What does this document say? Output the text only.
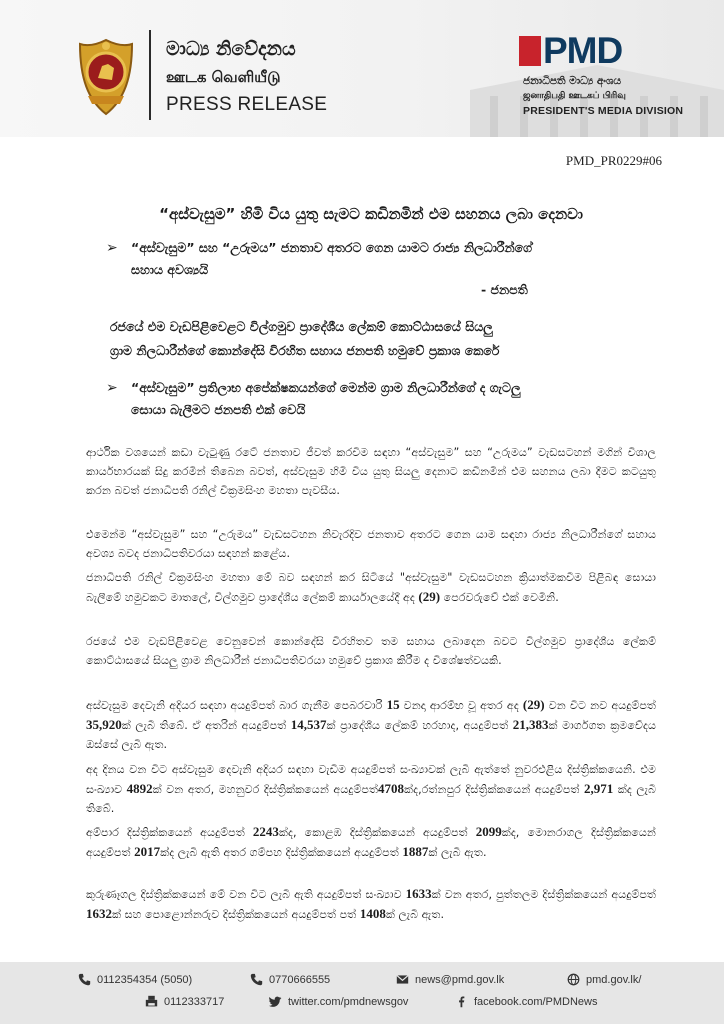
මාධ්‍ය නිවේදනය
ஊடக வெளியீடு
PRESS RELEASE
PMD
ජනාධිපති මාධ්‍ය අංශය
ஜனாதிபதி ஊடகப் பிரிவு
PRESIDENT'S MEDIA DIVISION
PMD_PR0229#06
“අස්වැසුම” හිමි විය යුතු සැමට කඩිනමින් එම සහනය ලබා දෙනවා
➢ “අස්වැසුම” සහ “උරුමය” ජනතාව අතරට ගෙන යාමට රාජ්‍ය නිලධාරීන්ගේ
සහාය අවශ්‍යයි
- ජනපති
රජයේ එම වැඩපිළිවෙළට විල්ගමුව ප්‍රාදේශීය ලේකම් කොට්ඨාසයේ සියලු
ග්‍රාම නිලධාරීන්ගේ කොන්දේසි විරහිත සහාය ජනපති හමුවේ ප්‍රකාශ කෙරේ
➢ “අස්වැසුම” ප්‍රතිලාභ අපේක්ෂකයන්ගේ මෙන්ම ග්‍රාම නිලධාරීන්ගේ ද ගැටලු
සොයා බැලීමට ජනපති එක් වෙයි
ආර්ථික වශයෙන් කඩා වැටුණු රටේ ජනතාව ජීවත් කරවීම සඳහා “අස්වැසුම” සහ “උරුමය” වැඩසටහන් මගින් විශාල කාර්යභාරයක් සිදු කරමින් තිබෙන බවත්, අස්වැසුම හිමි විය යුතු සියලු දෙනාට කඩිනමින් එම සහනය ලබා දීමට කටයුතු කරන බවත් ජනාධිපති රනිල් වික්‍රමසිංහ මහතා පැවසීය.
එමෙන්ම “අස්වැසුම” සහ “උරුමය” වැඩසටහන නිවැරදිව ජනතාව අතරට ගෙන යාම සඳහා රාජ්‍ය නිලධාරීන්ගේ සහාය අවශ්‍ය බවද ජනාධිපතිවරයා සඳහන් කළේය.
ජනාධිපති රනිල් වික්‍රමසිංහ මහතා මේ බව සඳහන් කර සිටියේ "අස්වැසුම" වැඩසටහන ක්‍රියාත්මකවීම පිළිබඳ සොයා බැලීමේ හමුවකට මාතලේ, විල්ගමුව ප්‍රාදේශීය ලේකම් කාර්යාලයේදී අද (29) පෙරවරුවේ එක් වෙමිනි.
රජයේ එම වැඩපිළිවෙළ වෙනුවෙන් කොන්දේසි විරහිතව තම සහාය ලබාදෙන බවට විල්ගමුව ප්‍රාදේශීය ලේකම් කොට්ඨාසයේ සියලු ග්‍රාම නිලධාරීන් ජනාධිපතිවරයා හමුවේ ප්‍රකාශ කිරීම ද විශේෂත්වයකි.
අස්වැසුම දෙවැනි අදියර සඳහා අයදුම්පත් බාර ගැනීම පෙබරවාරි 15 වනදා ආරම්භ වූ අතර අද (29) වන විට නව අයදුම්පත් 35,920ක් ලැබී තිබේ. ඒ අතරින් අයදුම්පත් 14,537ක් ප්‍රාදේශීය ලේකම් හරහාද, අයදුම්පත් 21,383ක් මාර්ගගත ක්‍රමවේදය ඔස්සේ ලැබී ඇත.
අද දිනය වන විට අස්වැසුම දෙවැනි අදියර සඳහා වැඩිම අයදුම්පත් සංඛ්‍යාවක් ලැබී ඇත්තේ නුවරඑළිය දිස්ත්‍රික්කයෙනි. එම සංඛ්‍යාව 4892ක් වන අතර, මහනුවර දිස්ත්‍රික්කයෙන් අයදුම්පත්4708ක්ද,රත්නපුර දිස්ත්‍රික්කයෙන් අයදුම්පත් 2,971 ක්ද ලැබී තිබේ.
අම්පාර දිස්ත්‍රික්කයෙන් අයදුම්පත් 2243ක්ද, කොළඹ දිස්ත්‍රික්කයෙන් අයදුම්පත් 2099ක්ද, මොනරාගල දිස්ත්‍රික්කයෙන් අයදුම්පත් 2017ක්ද ලැබී ඇති අතර ගම්පහ දිස්ත්‍රික්කයෙන් අයදුම්පත් 1887ක් ලැබී ඇත.
කුරුණෑගල දිස්ත්‍රික්කයෙන් මේ වන විට ලැබී ඇති අයදුම්පත් සංඛ්‍යාව 1633ක් වන අතර, පුත්තලම දිස්ත්‍රික්කයෙන් අයදුම්පත් 1632ක් සහ පොළොන්නරුව දිස්ත්‍රික්කයෙන් අයදුම්පත් පත් 1408ක් ලැබී ඇත.
0112354354 (5050)	0770666555	news@pmd.gov.lk	pmd.gov.lk/
0112333717	twitter.com/pmdnewsgov	facebook.com/PMDNews
